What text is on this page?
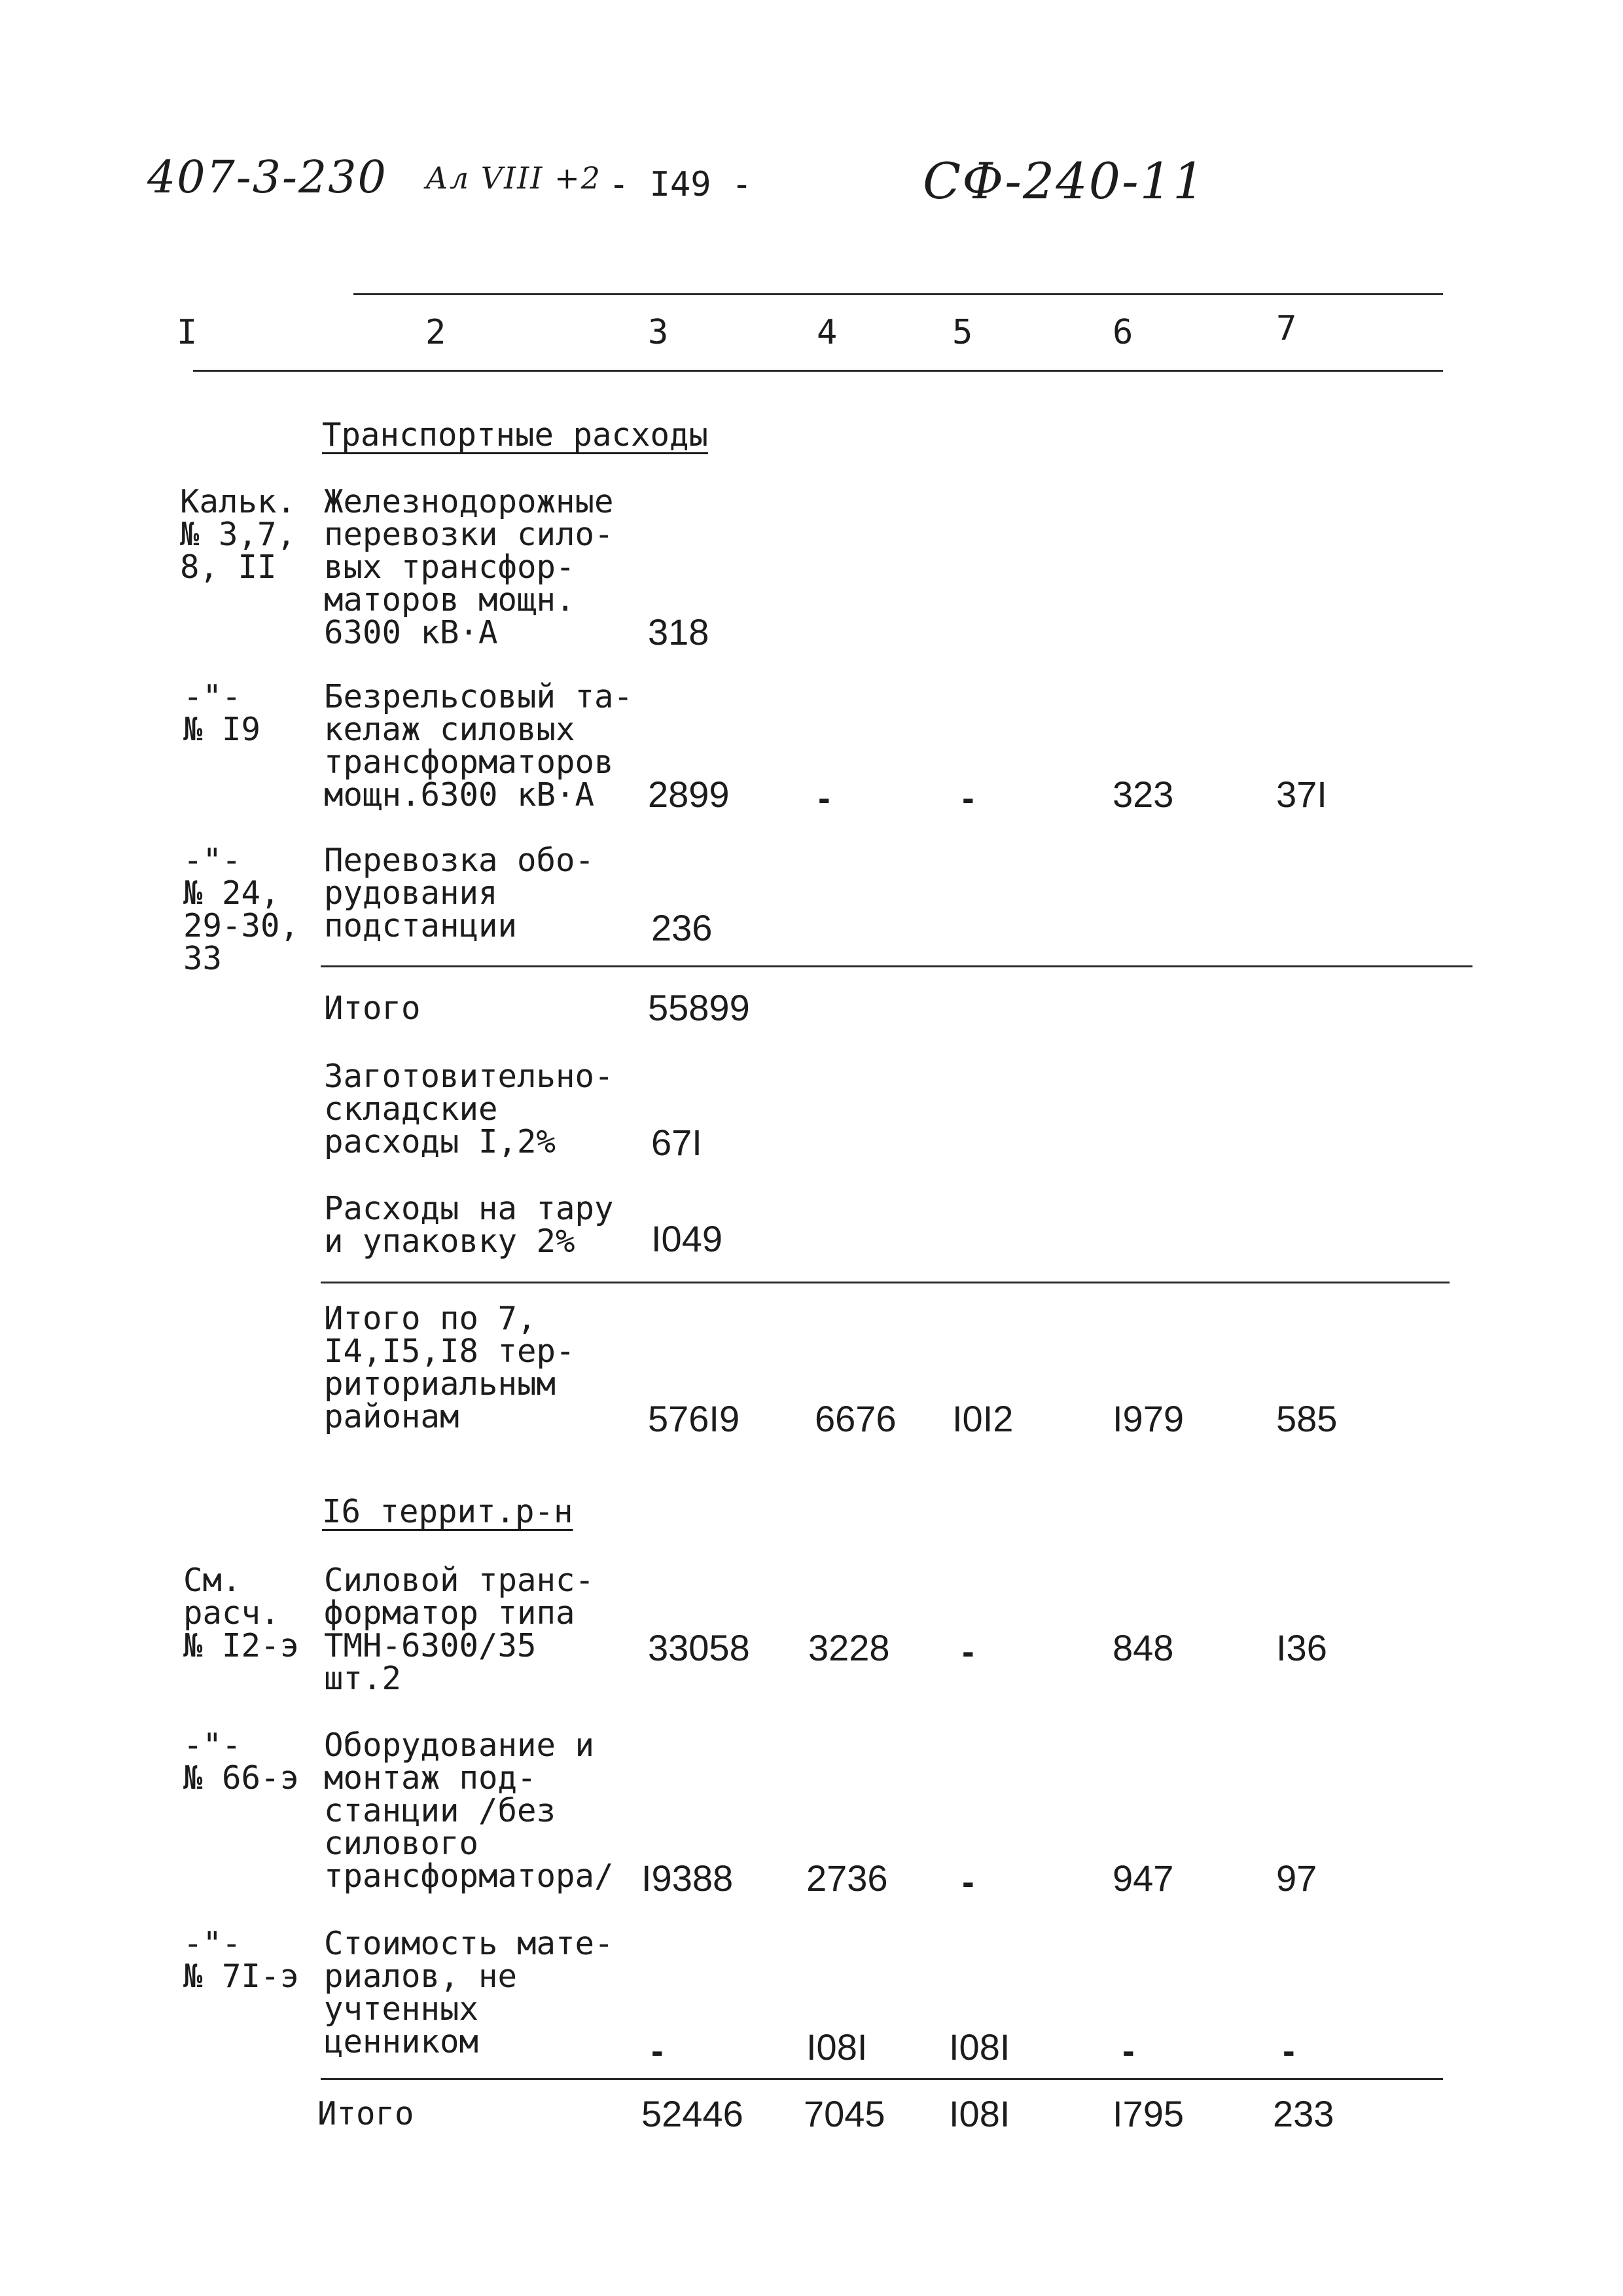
407-3-230 Ал VIII +2 - I49 -	СФ-240-11
I	2	3	4	5	6	7
Транспортные расходы
Кальк.
№ 3,7,
8, II
Железнодорожные
перевозки сило-
вых трансфор-
маторов мощн.
6300 кВ·А	318
-"-
№ I9
Безрельсовый та-
келаж силовых
трансформаторов
мощн.6300 кВ·А	2899 -	-	323	37I
-"-
№ 24,
29-30,
33
Перевозка обо-
рудования
подстанции	236
Итого	55899
Заготовительно-
складские
расходы I,2%	67I
Расходы на тару
и упаковку 2%	I049
Итого по 7,
I4,I5,I8 тер-
риториальным
районам	576I9 6676 I0I2	I979	585
I6 террит.р-н
См.
расч.
№ I2-э
Силовой транс-
форматор типа
ТМН-6300/35
шт.2
33058 3228 -	848	I36
-"-
№ 66-э
Оборудование и
монтаж под-
станции /без
силового
трансформатора/ I9388 2736 -	947	97
-"-
№ 7I-э
Стоимость мате-
риалов, не
учтенных
ценником	-	I08I I08I	-	-
Итого	52446 7045 I08I	I795 233
